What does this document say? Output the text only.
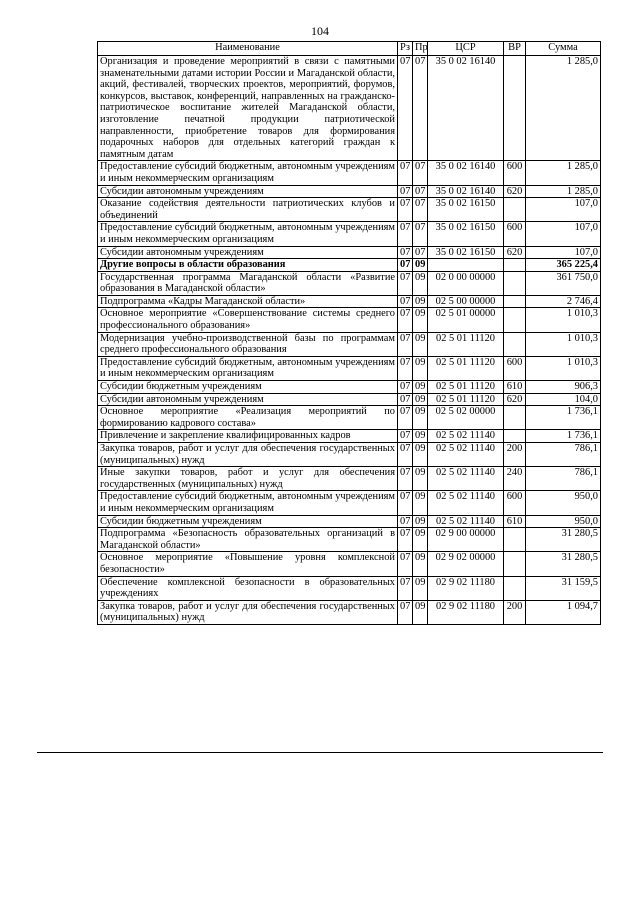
104
Наименование	Рз	Пр	ЦСР	ВР	Сумма
Организация и проведение мероприятий в связи с памятными знаменательными датами истории России и Магаданской области, акций, фестивалей, творческих проектов, мероприятий, форумов, конкурсов, выставок, конференций, направленных на гражданско-патриотическое воспитание жителей Магаданской области, изготовление печатной продукции патриотической направленности, приобретение товаров для формирования подарочных наборов для отдельных категорий граждан к памятным датам	07	07	35 0 02 16140		1 285,0
Предоставление субсидий бюджетным, автономным учреждениям и иным некоммерческим организациям	07	07	35 0 02 16140	600	1 285,0
Субсидии автономным учреждениям	07	07	35 0 02 16140	620	1 285,0
Оказание содействия деятельности патриотических клубов и объединений	07	07	35 0 02 16150		107,0
Предоставление субсидий бюджетным, автономным учреждениям и иным некоммерческим организациям	07	07	35 0 02 16150	600	107,0
Субсидии автономным учреждениям	07	07	35 0 02 16150	620	107,0
Другие вопросы в области образования	07	09			365 225,4
Государственная программа Магаданской области «Развитие образования в Магаданской области»	07	09	02 0 00 00000		361 750,0
Подпрограмма «Кадры Магаданской области»	07	09	02 5 00 00000		2 746,4
Основное мероприятие «Совершенствование системы среднего профессионального образования»	07	09	02 5 01 00000		1 010,3
Модернизация учебно-производственной базы по программам среднего профессионального образования	07	09	02 5 01 11120		1 010,3
Предоставление субсидий бюджетным, автономным учреждениям и иным некоммерческим организациям	07	09	02 5 01 11120	600	1 010,3
Субсидии бюджетным учреждениям	07	09	02 5 01 11120	610	906,3
Субсидии автономным учреждениям	07	09	02 5 01 11120	620	104,0
Основное мероприятие «Реализация мероприятий по формированию кадрового состава»	07	09	02 5 02 00000		1 736,1
Привлечение и закрепление квалифицированных кадров	07	09	02 5 02 11140		1 736,1
Закупка товаров, работ и услуг для обеспечения государственных (муниципальных) нужд	07	09	02 5 02 11140	200	786,1
Иные закупки товаров, работ и услуг для обеспечения государственных (муниципальных) нужд	07	09	02 5 02 11140	240	786,1
Предоставление субсидий бюджетным, автономным учреждениям и иным некоммерческим организациям	07	09	02 5 02 11140	600	950,0
Субсидии бюджетным учреждениям	07	09	02 5 02 11140	610	950,0
Подпрограмма «Безопасность образовательных организаций в Магаданской области»	07	09	02 9 00 00000		31 280,5
Основное мероприятие «Повышение уровня комплексной безопасности»	07	09	02 9 02 00000		31 280,5
Обеспечение комплексной безопасности в образовательных учреждениях	07	09	02 9 02 11180		31 159,5
Закупка товаров, работ и услуг для обеспечения государственных (муниципальных) нужд	07	09	02 9 02 11180	200	1 094,7
